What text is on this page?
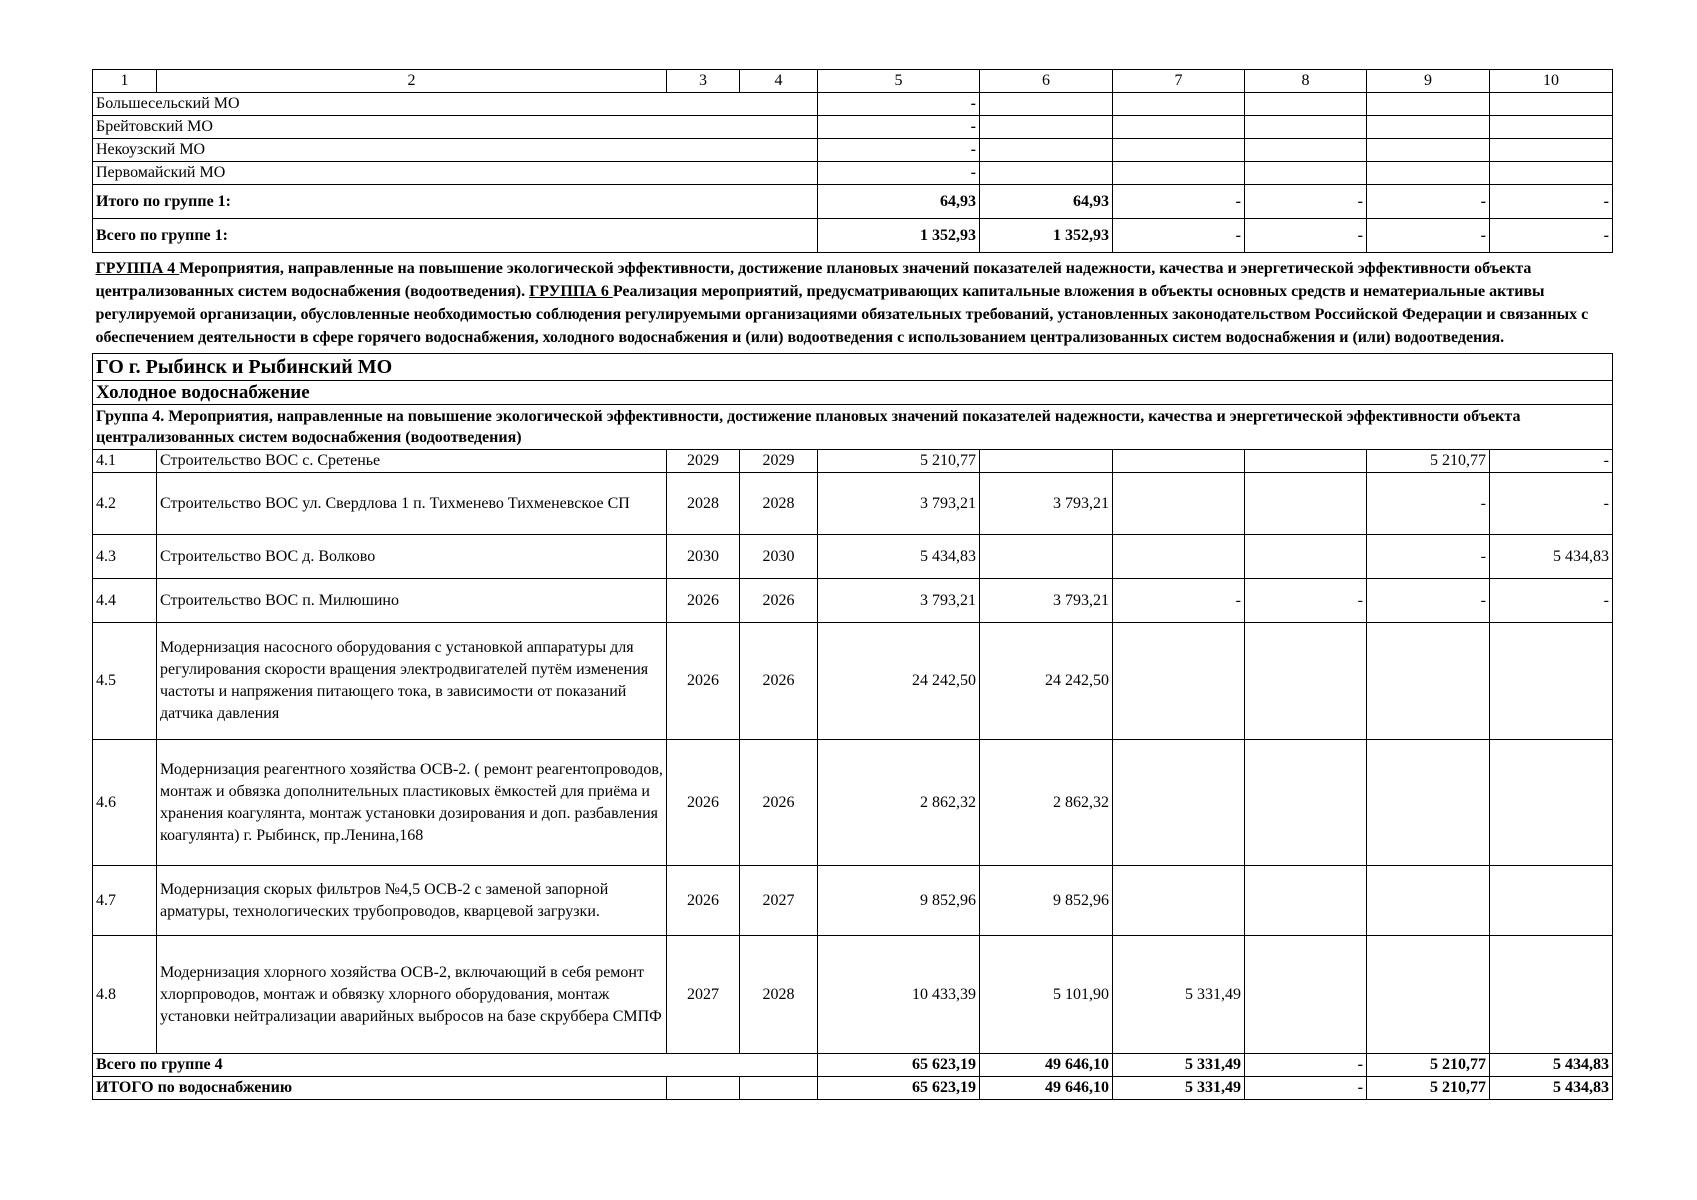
1	2	3	4	5	6	7	8	9	10
Большесельский МО				-					
Брейтовский МО				-					
Некоузский МО				-					
Первомайский МО				-					
Итого по группе 1:				64,93	64,93	-	-	-	-
Всего по группе 1:				1 352,93	1 352,93	-	-	-	-
ГРУППА 4 Мероприятия, направленные на повышение экологической эффективности, достижение плановых значений показателей надежности, качества и энергетической эффективности объекта централизованных систем водоснабжения (водоотведения). ГРУППА 6 Реализация мероприятий, предусматривающих капитальные вложения в объекты основных средств и нематериальные активы регулируемой организации, обусловленные необходимостью соблюдения регулируемыми организациями обязательных требований, установленных законодательством Российской Федерации и связанных с обеспечением деятельности в сфере горячего водоснабжения, холодного водоснабжения и (или) водоотведения с использованием централизованных систем водоснабжения и (или) водоотведения.									
ГО г. Рыбинск и Рыбинский МО									
Холодное водоснабжение									
Группа 4. Мероприятия, направленные на повышение экологической эффективности, достижение плановых значений показателей надежности, качества и энергетической эффективности объекта централизованных систем водоснабжения (водоотведения)									
4.1	Строительство ВОС с. Сретенье	2029	2029	5 210,77				5 210,77	-
4.2	Строительство ВОС ул. Свердлова 1 п. Тихменево Тихменевское СП	2028	2028	3 793,21	3 793,21			-	-
4.3	Строительство ВОС д. Волково	2030	2030	5 434,83				-	5 434,83
4.4	Строительство ВОС п. Милюшино	2026	2026	3 793,21	3 793,21	-	-	-	-
4.5	Модернизация насосного оборудования с установкой аппаратуры для регулирования скорости вращения электродвигателей путём изменения частоты и напряжения питающего тока, в зависимости от показаний датчика давления	2026	2026	24 242,50	24 242,50				
4.6	Модернизация реагентного хозяйства ОСВ-2. ( ремонт реагентопроводов, монтаж и обвязка дополнительных пластиковых ёмкостей для приёма и хранения коагулянта, монтаж установки дозирования и доп. разбавления коагулянта) г. Рыбинск, пр.Ленина,168	2026	2026	2 862,32	2 862,32				
4.7	Модернизация скорых фильтров №4,5 ОСВ-2 с заменой запорной арматуры, технологических трубопроводов, кварцевой загрузки.	2026	2027	9 852,96	9 852,96				
4.8	Модернизация хлорного хозяйства ОСВ-2, включающий в себя ремонт хлорпроводов, монтаж и обвязку хлорного оборудования, монтаж установки нейтрализации аварийных выбросов на базе скруббера СМПФ	2027	2028	10 433,39	5 101,90	5 331,49			
Всего по группе 4				65 623,19	49 646,10	5 331,49	-	5 210,77	5 434,83
ИТОГО по водоснабжению				65 623,19	49 646,10	5 331,49	-	5 210,77	5 434,83
